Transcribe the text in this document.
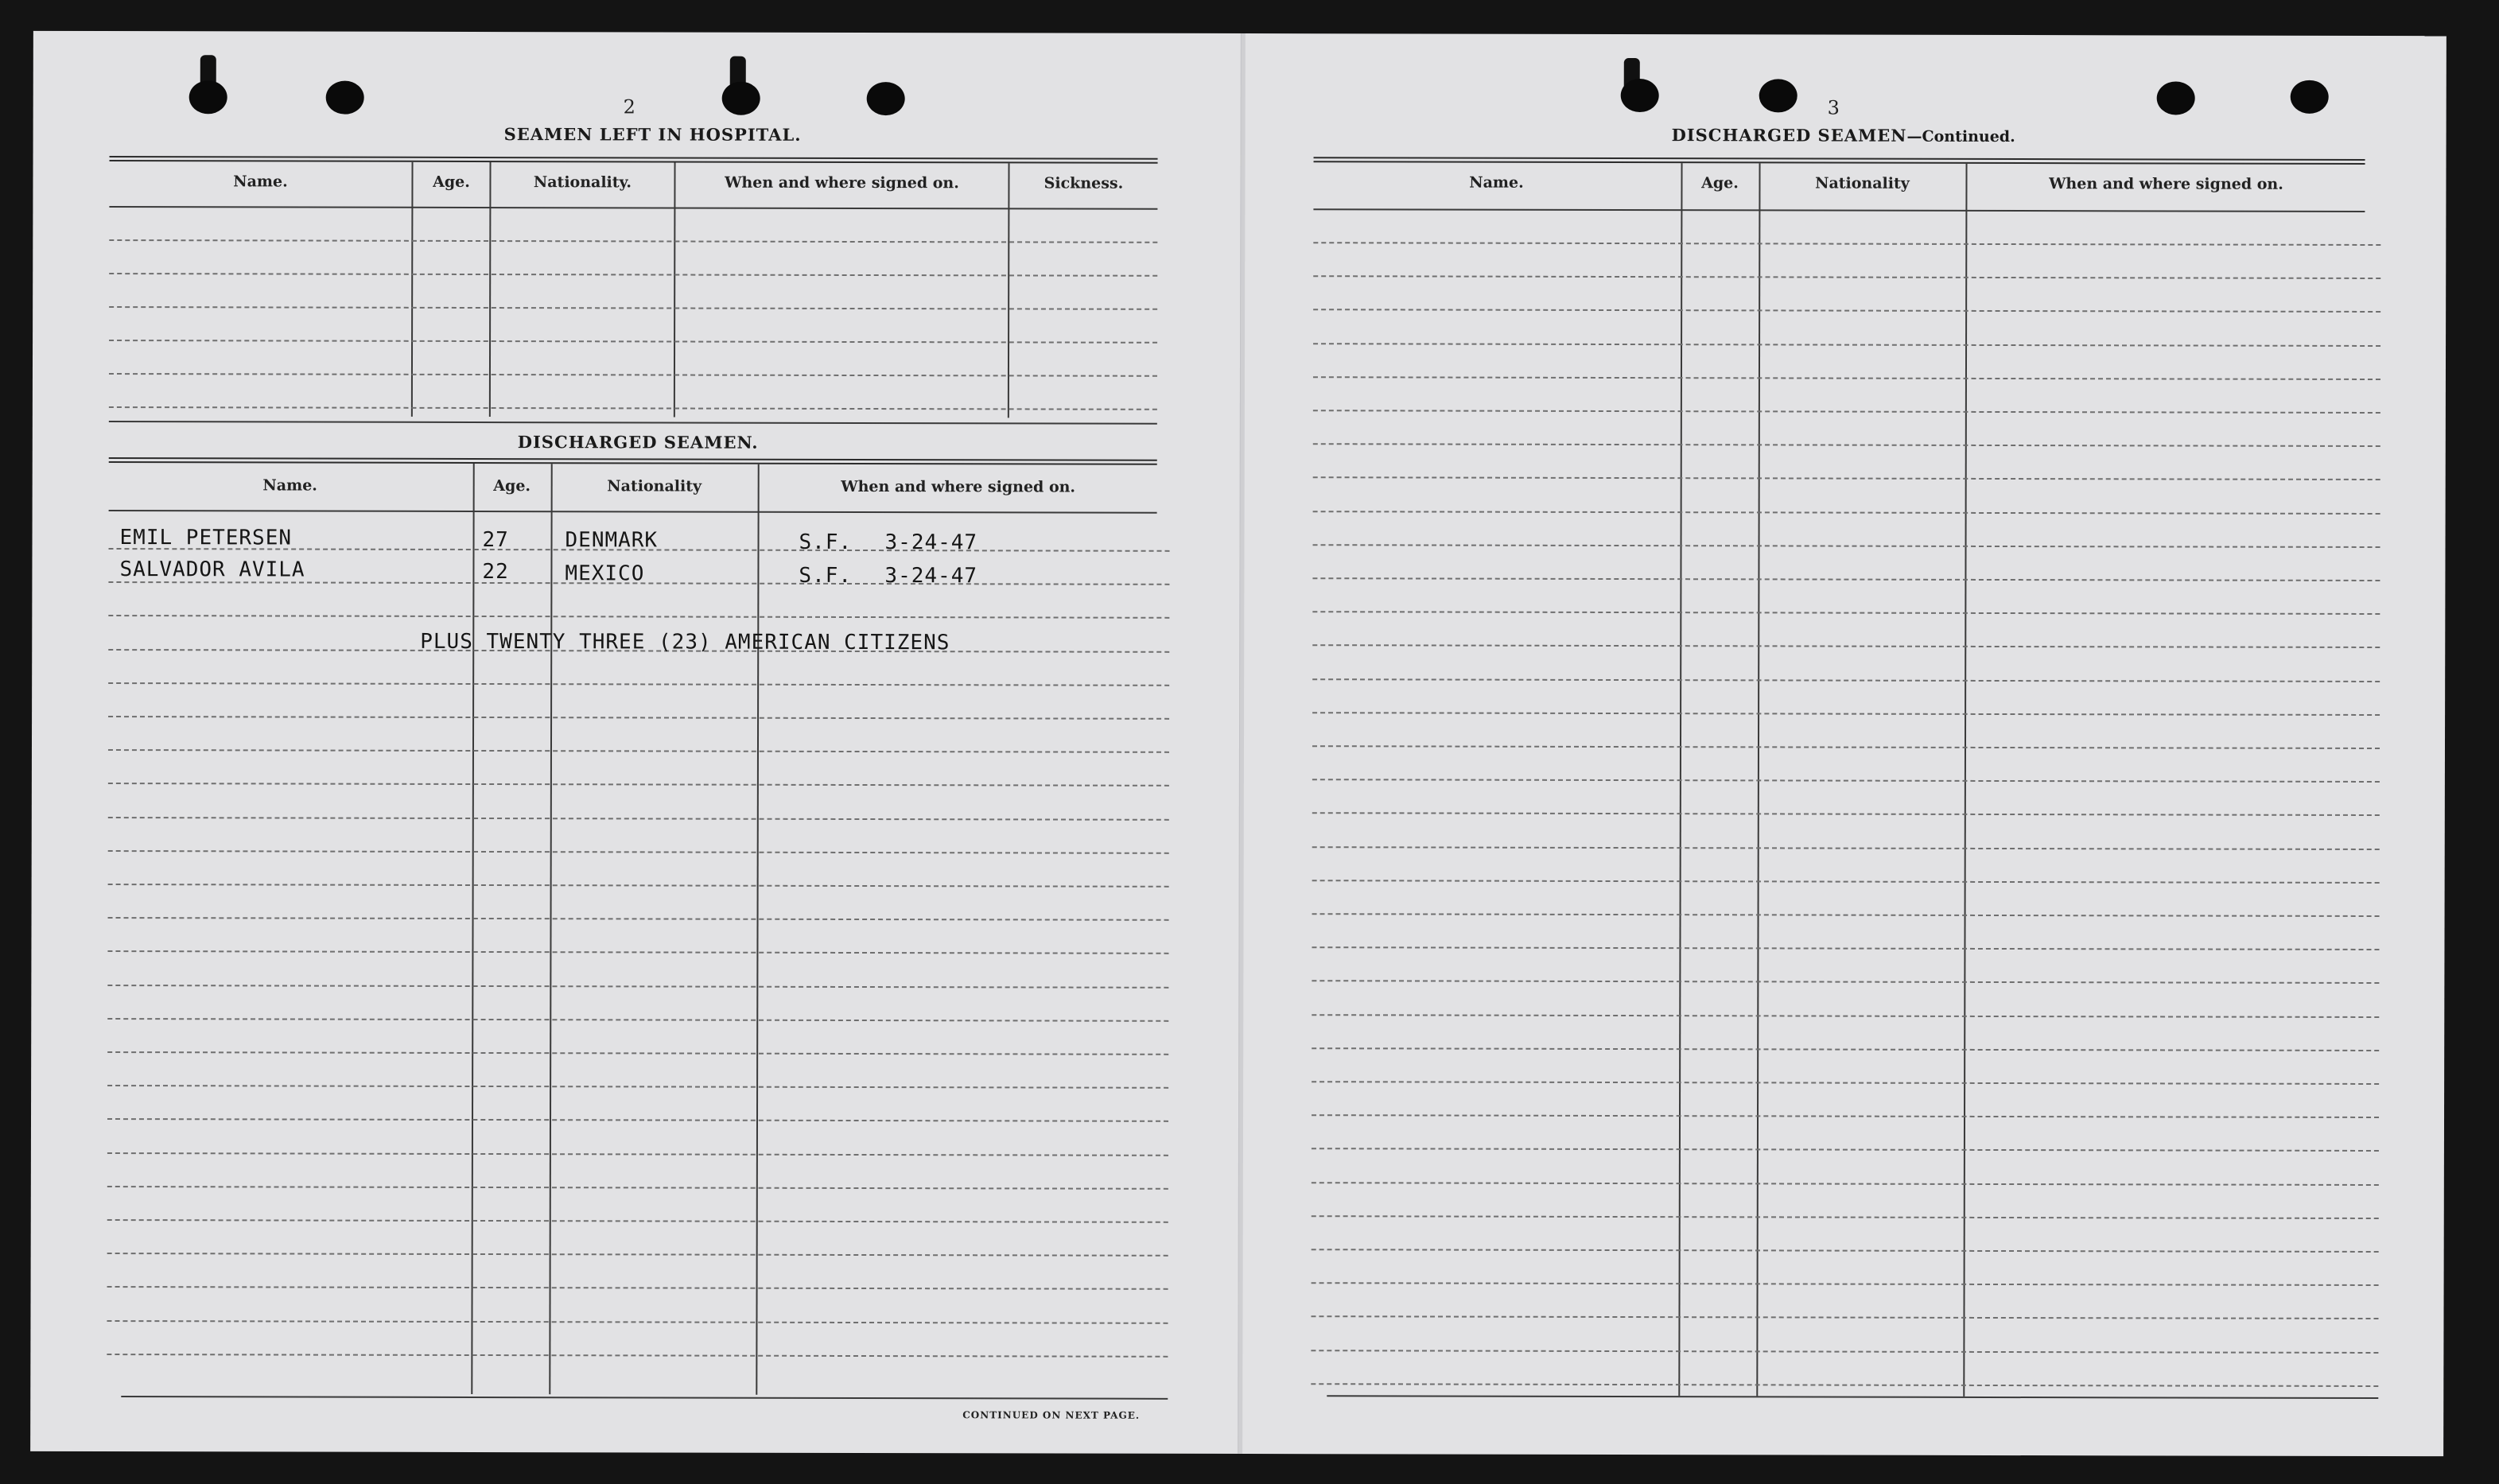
2
SEAMEN LEFT IN HOSPITAL.
Name.	Age.	Nationality.	When and where signed on.	Sickness.
DISCHARGED SEAMEN.
Name.	Age.	Nationality	When and where signed on.
EMIL PETERSEN	27	DENMARK	S.F. 3-24-47
SALVADOR AVILA	22	MEXICO	S.F. 3-24-47
PLUS TWENTY THREE (23) AMERICAN CITIZENS
CONTINUED ON NEXT PAGE.
3
DISCHARGED SEAMEN—Continued.
Name.	Age.	Nationality	When and where signed on.
